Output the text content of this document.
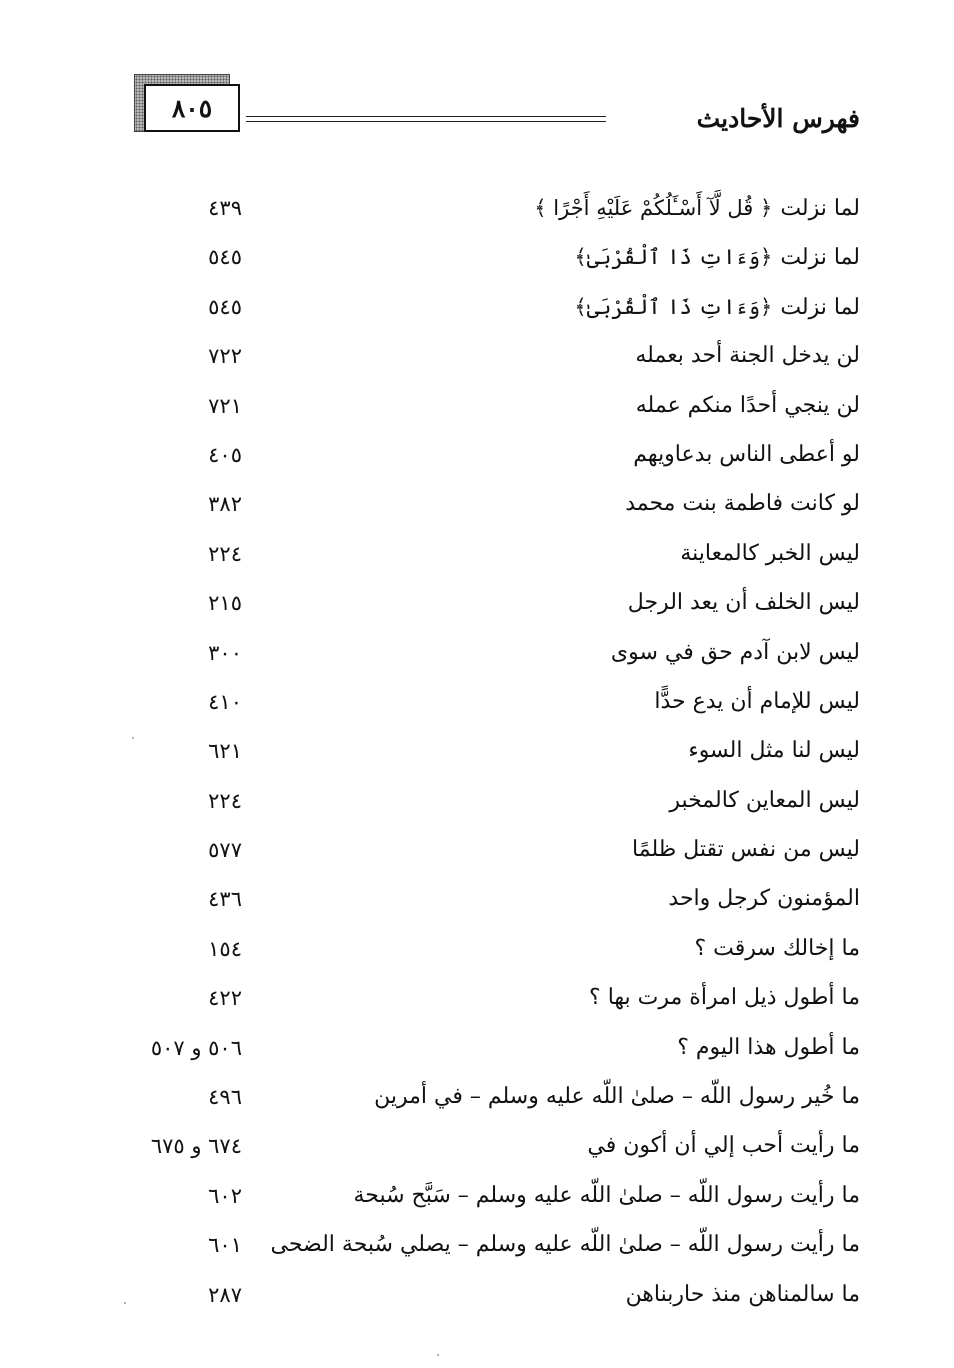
٨٠٥	فهرس الأحاديث
لما نزلت﴿ قُل لَّآ أَسْـَٔلُكُمْ عَلَيْهِ أَجْرًا ﴾
٤٣٩
لما نزلت﴿وَءَاتِ ذَا ٱلْقُرْبَىٰ﴾
٥٤٥
لما نزلت﴿وَءَاتِ ذَا ٱلْقُرْبَىٰ﴾
٥٤٥
لن يدخل الجنة أحد بعمله
٧٢٢
لن ينجي أحدًا منكم عمله
٧٢١
لو أعطى الناس بدعاويهم
٤٠٥
لو كانت فاطمة بنت محمد
٣٨٢
ليس الخبر كالمعاينة
٢٢٤
ليس الخلف أن يعد الرجل
٢١٥
ليس لابن آدم حق في سوى
٣٠٠
ليس للإمام أن يدع حدًّا
٤١٠
ليس لنا مثل السوء
٦٢١
ليس المعاين كالمخبر
٢٢٤
ليس من نفس تقتل ظلمًا
٥٧٧
المؤمنون كرجل واحد
٤٣٦
ما إخالك سرقت ؟
١٥٤
ما أطول ذيل امرأة مرت بها ؟
٤٢٢
ما أطول هذا اليوم ؟
٥٠٦ و ٥٠٧
ما خُير رسول اللّه – صلىٰ اللّه عليه وسلم – في أمرين
٤٩٦
ما رأيت أحب إلي أن أكون في
٦٧٤ و ٦٧٥
ما رأيت رسول اللّه – صلىٰ اللّه عليه وسلم – سَبَّح سُبحة
٦٠٢
ما رأيت رسول اللّه – صلىٰ اللّه عليه وسلم – يصلي سُبحة الضحى
٦٠١
ما سالمناهن منذ حاربناهن
٢٨٧
